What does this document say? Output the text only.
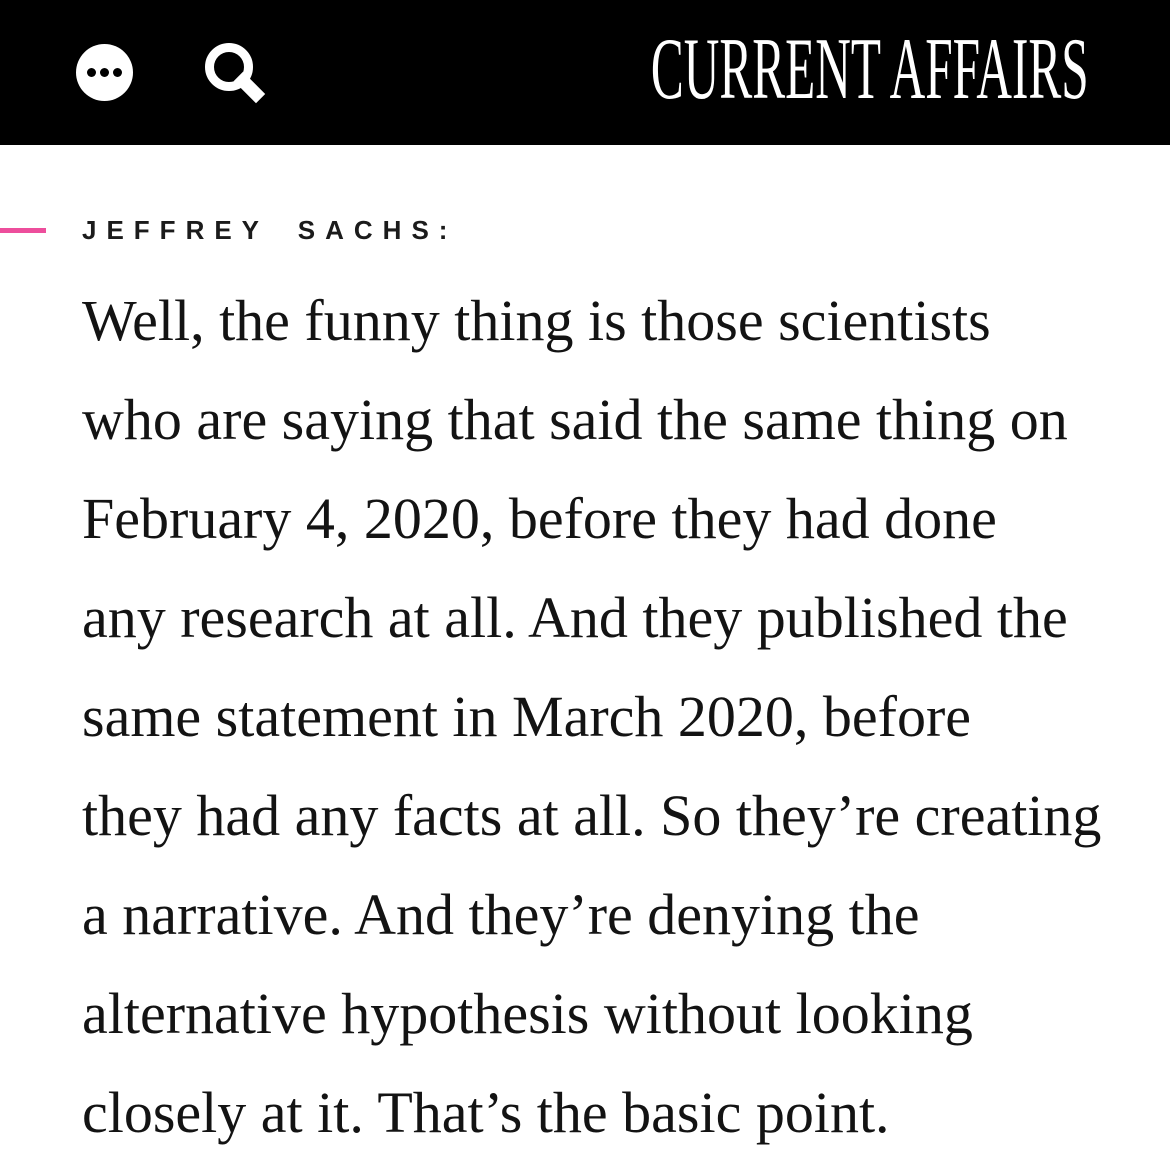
CURRENT AFFAIRS
JEFFREY SACHS:
Well, the funny thing is those scientists
who are saying that said the same thing on
February 4, 2020, before they had done
any research at all. And they published the
same statement in March 2020, before
they had any facts at all. So they’re creating
a narrative. And they’re denying the
alternative hypothesis without looking
closely at it. That’s the basic point.
